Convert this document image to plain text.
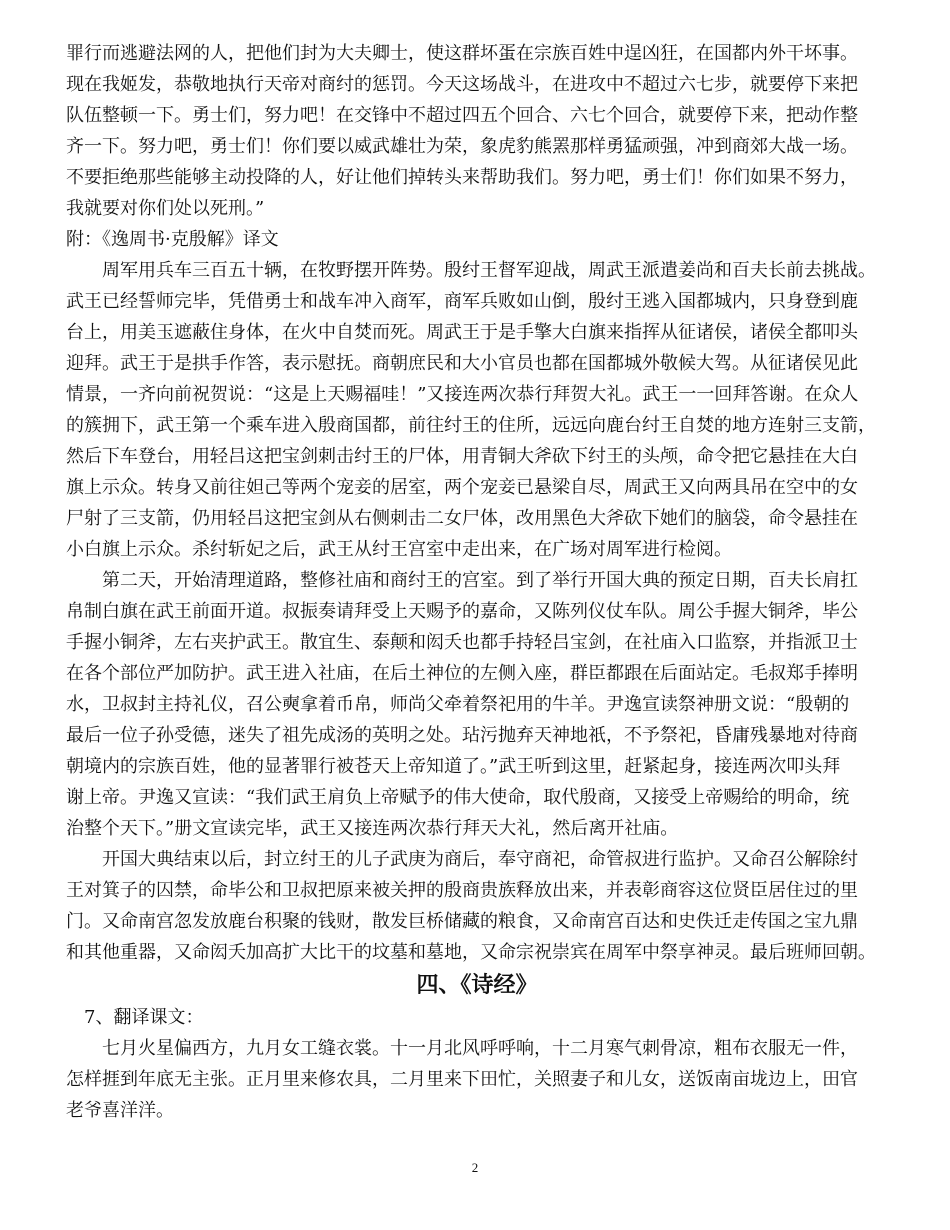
罪行而逃避法网的人，把他们封为大夫卿士，使这群坏蛋在宗族百姓中逞凶狂，在国都内外干坏事。

现在我姬发，恭敬地执行天帝对商纣的惩罚。今天这场战斗，在进攻中不超过六七步，就要停下来把

队伍整顿一下。勇士们，努力吧！在交锋中不超过四五个回合、六七个回合，就要停下来，把动作整

齐一下。努力吧，勇士们！你们要以威武雄壮为荣，象虎豹熊罴那样勇猛顽强，冲到商郊大战一场。

不要拒绝那些能够主动投降的人，好让他们掉转头来帮助我们。努力吧，勇士们！你们如果不努力，

我就要对你们处以死刑。”

附：《逸周书·克殷解》译文

周军用兵车三百五十辆，在牧野摆开阵势。殷纣王督军迎战，周武王派遣姜尚和百夫长前去挑战。

武王已经誓师完毕，凭借勇士和战车冲入商军，商军兵败如山倒，殷纣王逃入国都城内，只身登到鹿

台上，用美玉遮蔽住身体，在火中自焚而死。周武王于是手擎大白旗来指挥从征诸侯，诸侯全都叩头

迎拜。武王于是拱手作答，表示慰抚。商朝庶民和大小官员也都在国都城外敬候大驾。从征诸侯见此

情景，一齐向前祝贺说：“这是上天赐福哇！”又接连两次恭行拜贺大礼。武王一一回拜答谢。在众人

的簇拥下，武王第一个乘车进入殷商国都，前往纣王的住所，远远向鹿台纣王自焚的地方连射三支箭，

然后下车登台，用轻吕这把宝剑刺击纣王的尸体，用青铜大斧砍下纣王的头颅，命令把它悬挂在大白

旗上示众。转身又前往妲己等两个宠妾的居室，两个宠妾已悬梁自尽，周武王又向两具吊在空中的女

尸射了三支箭，仍用轻吕这把宝剑从右侧刺击二女尸体，改用黑色大斧砍下她们的脑袋，命令悬挂在

小白旗上示众。杀纣斩妃之后，武王从纣王宫室中走出来，在广场对周军进行检阅。

第二天，开始清理道路，整修社庙和商纣王的宫室。到了举行开国大典的预定日期，百夫长肩扛

帛制白旗在武王前面开道。叔振奏请拜受上天赐予的嘉命，又陈列仪仗车队。周公手握大铜斧，毕公

手握小铜斧，左右夹护武王。散宜生、泰颠和闳夭也都手持轻吕宝剑，在社庙入口监察，并指派卫士

在各个部位严加防护。武王进入社庙，在后土神位的左侧入座，群臣都跟在后面站定。毛叔郑手捧明

水，卫叔封主持礼仪，召公奭拿着币帛，师尚父牵着祭祀用的牛羊。尹逸宣读祭神册文说：“殷朝的

最后一位子孙受德，迷失了祖先成汤的英明之处。玷污抛弃天神地祇，不予祭祀，昏庸残暴地对待商

朝境内的宗族百姓，他的显著罪行被苍天上帝知道了。”武王听到这里，赶紧起身，接连两次叩头拜

谢上帝。尹逸又宣读：“我们武王肩负上帝赋予的伟大使命，取代殷商，又接受上帝赐给的明命，统

治整个天下。”册文宣读完毕，武王又接连两次恭行拜天大礼，然后离开社庙。

开国大典结束以后，封立纣王的儿子武庚为商后，奉守商祀，命管叔进行监护。又命召公解除纣

王对箕子的囚禁，命毕公和卫叔把原来被关押的殷商贵族释放出来，并表彰商容这位贤臣居住过的里

门。又命南宫忽发放鹿台积聚的钱财，散发巨桥储藏的粮食，又命南宫百达和史佚迁走传国之宝九鼎

和其他重器，又命闳夭加高扩大比干的坟墓和墓地，又命宗祝崇宾在周军中祭享神灵。最后班师回朝。

四、《诗经》

7、翻译课文：

七月火星偏西方，九月女工缝衣裳。十一月北风呼呼响，十二月寒气刺骨凉，粗布衣服无一件，

怎样捱到年底无主张。正月里来修农具，二月里来下田忙，关照妻子和儿女，送饭南亩垅边上，田官

老爷喜洋洋。

2
